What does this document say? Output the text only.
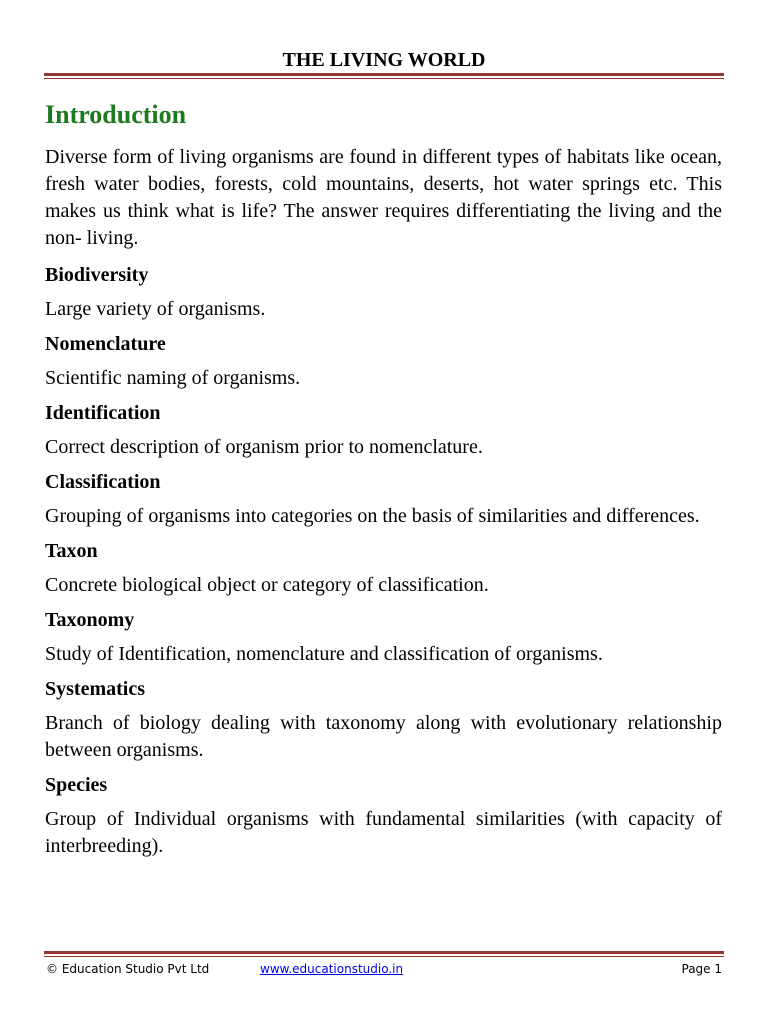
THE LIVING WORLD
Introduction

Diverse form of living organisms are found in different types of habitats like ocean, fresh water bodies, forests, cold mountains, deserts, hot water springs etc. This makes us think what is life? The answer requires differentiating the living and the non- living.

Biodiversity
Large variety of organisms.
Nomenclature
Scientific naming of organisms.
Identification
Correct description of organism prior to nomenclature.
Classification
Grouping of organisms into categories on the basis of similarities and differences.
Taxon
Concrete biological object or category of classification.
Taxonomy
Study of Identification, nomenclature and classification of organisms.
Systematics
Branch of biology dealing with taxonomy along with evolutionary relationship between organisms.
Species
Group of Individual organisms with fundamental similarities (with capacity of interbreeding).
© Education Studio Pvt Ltd	www.educationstudio.in	Page 1
